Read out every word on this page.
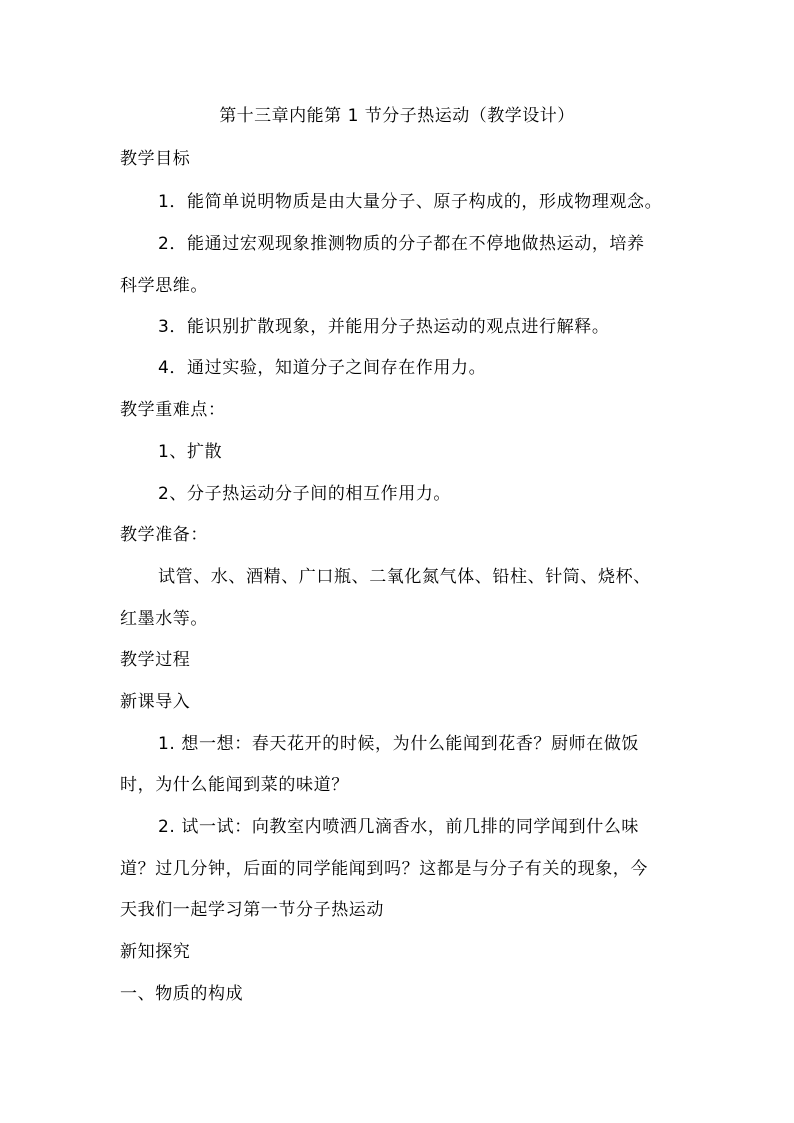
第十三章内能第 1 节分子热运动（教学设计）
教学目标
1．能简单说明物质是由大量分子、原子构成的，形成物理观念。
2．能通过宏观现象推测物质的分子都在不停地做热运动，培养
科学思维。
3．能识别扩散现象，并能用分子热运动的观点进行解释。
4．通过实验，知道分子之间存在作用力。
教学重难点：
1、扩散
2、分子热运动分子间的相互作用力。
教学准备：
试管、水、酒精、广口瓶、二氧化氮气体、铅柱、针筒、烧杯、
红墨水等。
教学过程
新课导入
1. 想一想：春天花开的时候，为什么能闻到花香？厨师在做饭
时，为什么能闻到菜的味道？
2. 试一试：向教室内喷洒几滴香水，前几排的同学闻到什么味
道？过几分钟，后面的同学能闻到吗？这都是与分子有关的现象，今
天我们一起学习第一节分子热运动
新知探究
一、物质的构成
